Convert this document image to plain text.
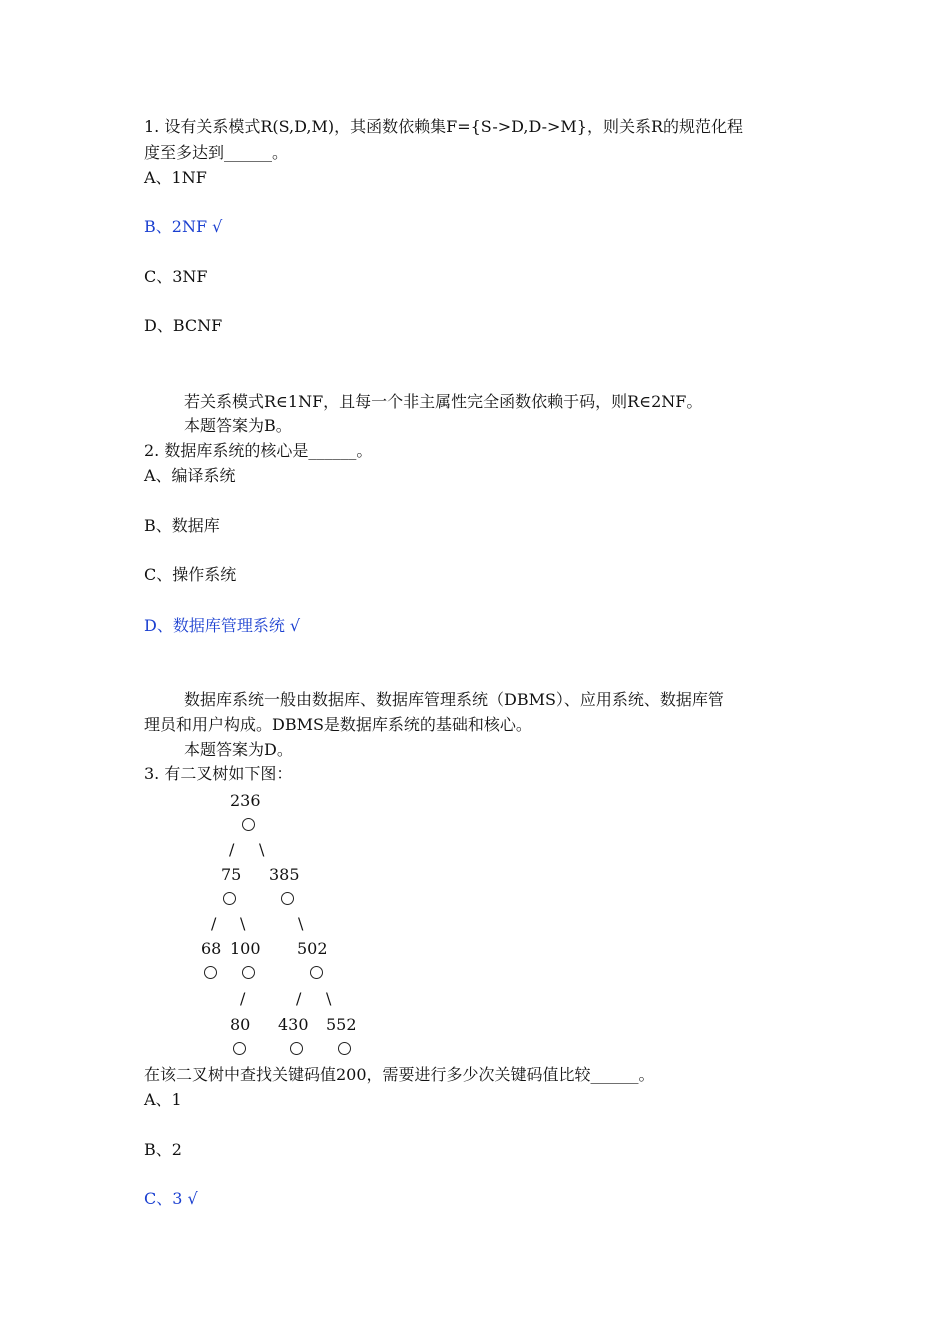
1. 设有关系模式R(S,D,M)，其函数依赖集F={S->D,D->M}，则关系R的规范化程
度至多达到______。
A、1NF
B、2NF √
C、3NF
D、BCNF
若关系模式R∈1NF，且每一个非主属性完全函数依赖于码，则R∈2NF。
本题答案为B。
2. 数据库系统的核心是______。
A、编译系统
B、数据库
C、操作系统
D、数据库管理系统 √
数据库系统一般由数据库、数据库管理系统（DBMS）、应用系统、数据库管
理员和用户构成。DBMS是数据库系统的基础和核心。
本题答案为D。
3. 有二叉树如下图：
236
/ \
75 385
/ \	\
68 100 502
/	/ \
80 430 552
在该二叉树中查找关键码值200，需要进行多少次关键码值比较______。
A、1
B、2
C、3 √
